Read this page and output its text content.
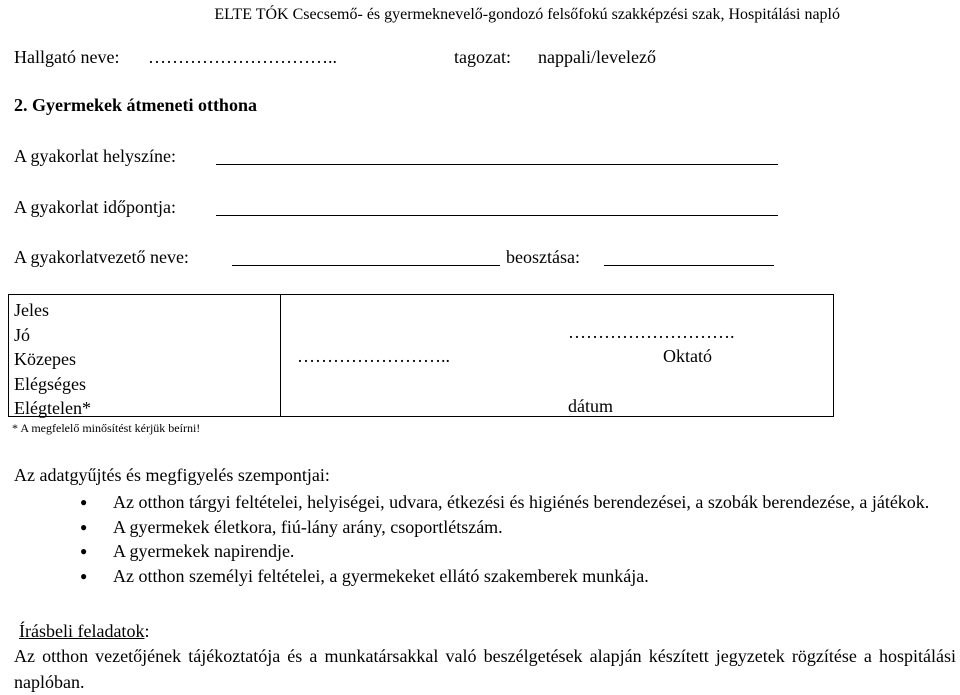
ELTE TÓK Csecsemő- és gyermeknevelő-gondozó felsőfokú szakképzési szak, Hospitálási napló
Hallgató neve: …………………………..	tagozat: nappali/levelező
2. Gyermekek átmeneti otthona
A gyakorlat helyszíne:
A gyakorlat időpontja:
A gyakorlatvezető neve:	beosztása:
Jeles
Jó
Közepes
Elégséges
Elégtelen*
……………………..
……………………….
Oktató
dátum
* A megfelelő minősítést kérjük beírni!
Az adatgyűjtés és megfigyelés szempontjai:
● Az otthon tárgyi feltételei, helyiségei, udvara, étkezési és higiénés berendezései, a szobák berendezése, a játékok.
● A gyermekek életkora, fiú-lány arány, csoportlétszám.
● A gyermekek napirendje.
● Az otthon személyi feltételei, a gyermekeket ellátó szakemberek munkája.
Írásbeli feladatok:
Az otthon vezetőjének tájékoztatója és a munkatársakkal való beszélgetések alapján készített jegyzetek rögzítése a hospitálási naplóban.
